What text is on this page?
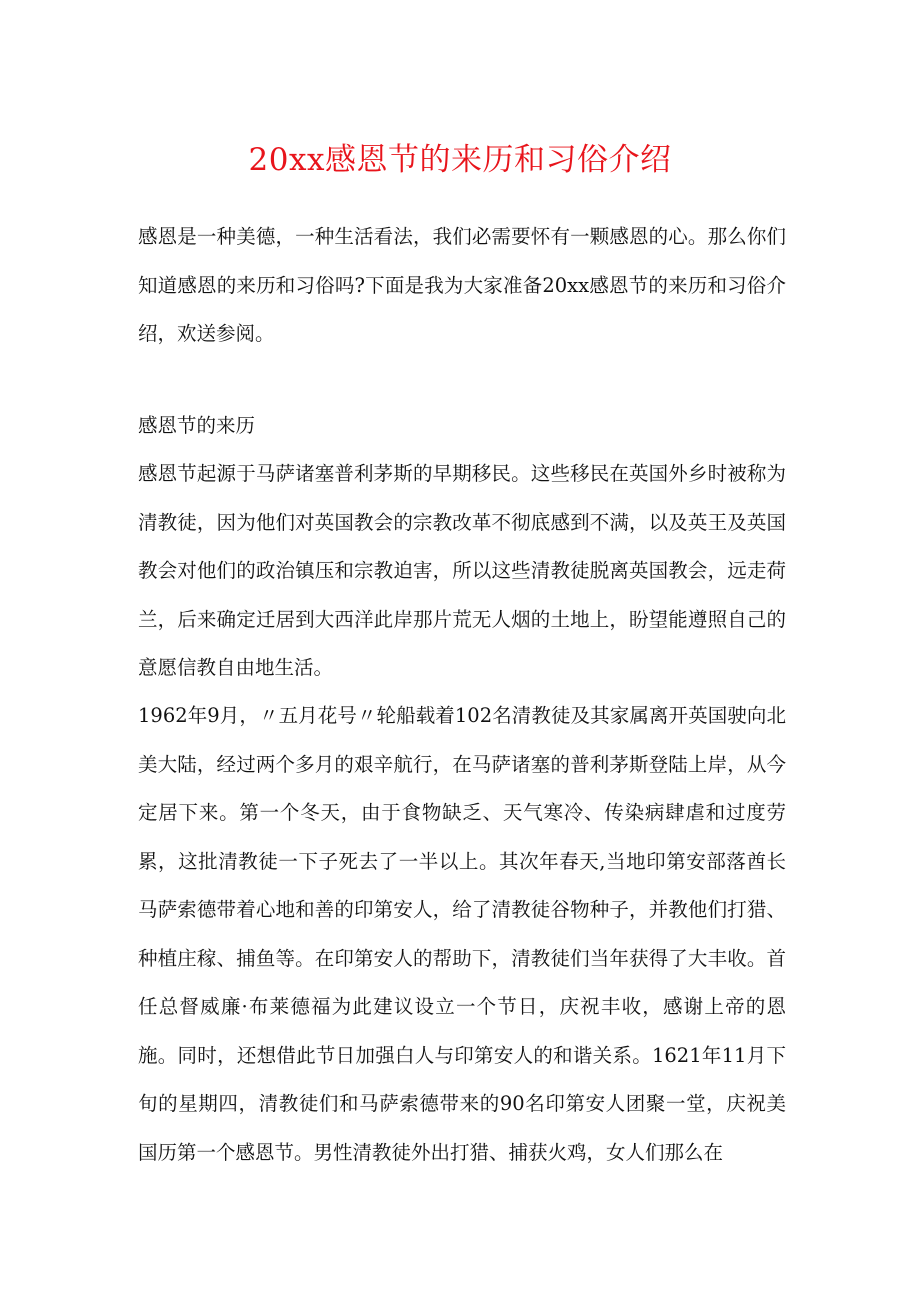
20xx感恩节的来历和习俗介绍

感恩是一种美德，一种生活看法，我们必需要怀有一颗感恩的心。那么你们知道感恩的来历和习俗吗?下面是我为大家准备20xx感恩节的来历和习俗介绍，欢送参阅。

感恩节的来历

感恩节起源于马萨诸塞普利茅斯的早期移民。这些移民在英国外乡时被称为清教徒，因为他们对英国教会的宗教改革不彻底感到不满，以及英王及英国教会对他们的政治镇压和宗教迫害，所以这些清教徒脱离英国教会，远走荷兰，后来确定迁居到大西洋此岸那片荒无人烟的土地上，盼望能遵照自己的意愿信教自由地生活。

1962年9月，〃五月花号〃轮船载着102名清教徒及其家属离开英国驶向北美大陆，经过两个多月的艰辛航行，在马萨诸塞的普利茅斯登陆上岸，从今定居下来。第一个冬天，由于食物缺乏、天气寒冷、传染病肆虐和过度劳累，这批清教徒一下子死去了一半以上。其次年春天,当地印第安部落酋长马萨索德带着心地和善的印第安人，给了清教徒谷物种子，并教他们打猎、种植庄稼、捕鱼等。在印第安人的帮助下，清教徒们当年获得了大丰收。首任总督威廉·布莱德福为此建议设立一个节日，庆祝丰收，感谢上帝的恩施。同时，还想借此节日加强白人与印第安人的和谐关系。1621年11月下旬的星期四，清教徒们和马萨索德带来的90名印第安人团聚一堂，庆祝美国历第一个感恩节。男性清教徒外出打猎、捕获火鸡，女人们那么在
